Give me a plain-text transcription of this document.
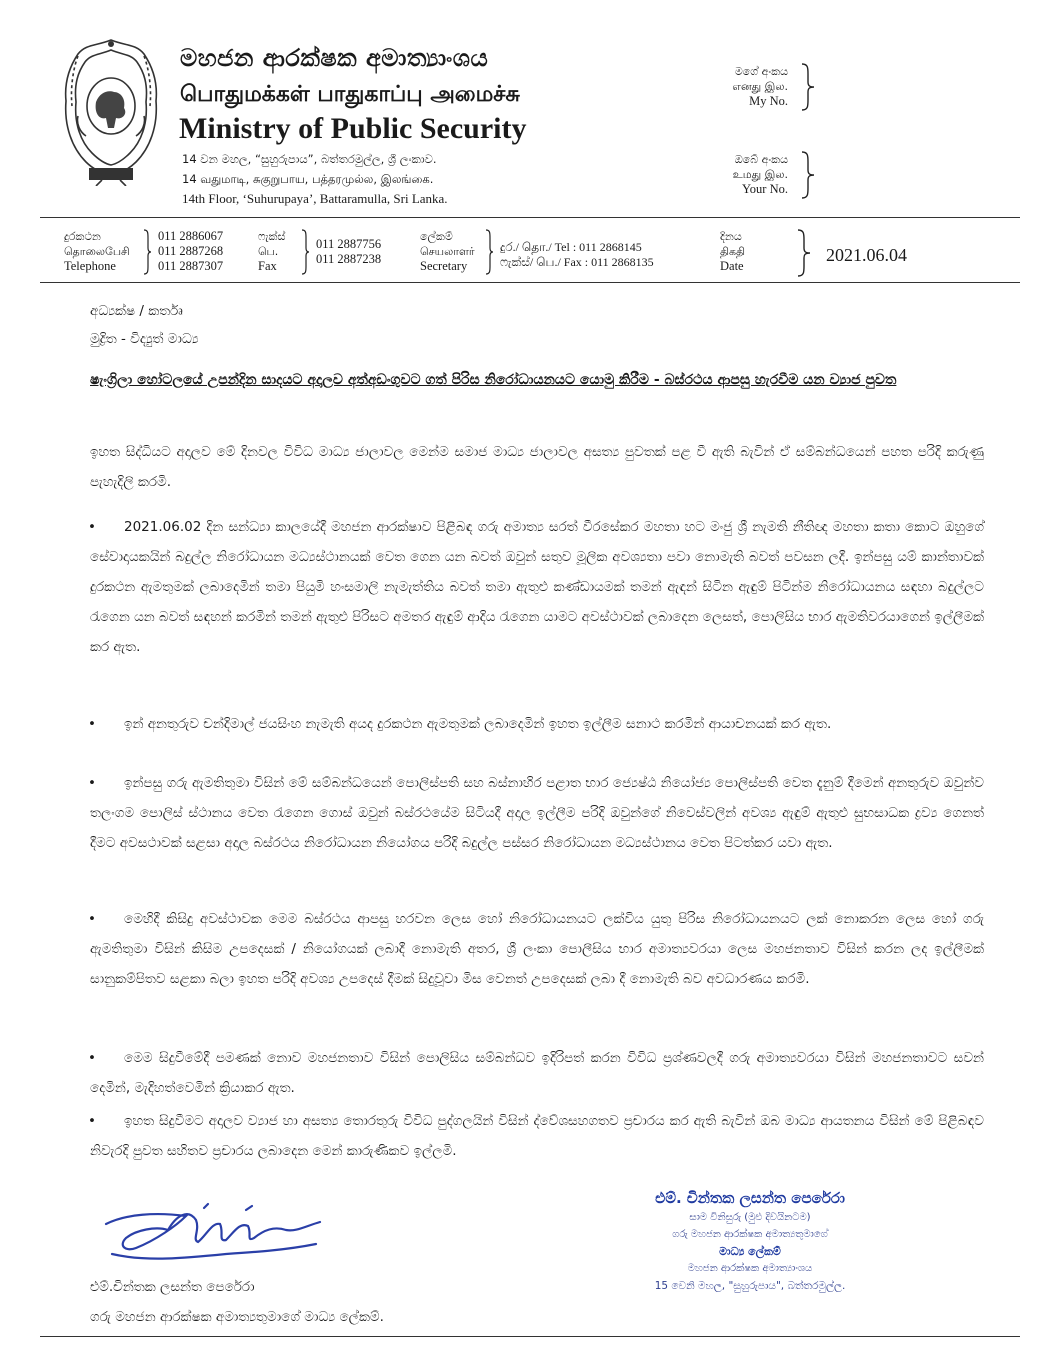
මහජන ආරක්ෂක අමාත්‍යාංශය
பொதுமக்கள் பாதுகாப்பு அமைச்சு
Ministry of Public Security
14 වන මහල, “සුහුරුපාය”, බත්තරමුල්ල, ශ්‍රී ලංකාව.
14 வதுமாடி, சுகுறுபாய, பத்தரமுல்ல, இலங்கை.
14th Floor, ‘Suhurupaya’, Battaramulla, Sri Lanka.
මගේ අංකය
எனது இல.
My No.
ඔබේ අංකය
உமது இல.
Your No.
දුරකථන
தொலைபேசி
Telephone
011 2886067
011 2887268
011 2887307
ෆැක්ස්
பெ.
Fax
011 2887756
011 2887238
ලේකම්
செயலாளர்
Secretary
දුර./ தொ./ Tel : 011 2868145
ෆැක්ස්/ பெ./ Fax : 011 2868135
දිනය
திகதி
Date
2021.06.04
අධ්‍යක්ෂ / කර්තෘ
මුද්‍රිත - විද්‍යුත් මාධ්‍ය
ෂැංග්‍රිලා හෝටලයේ උපන්දින සාදයට අදාලව අත්අඩංගුවට ගත් පිරිස නිරෝධායනයට යොමු කිරීම - බස්රථය ආපසු හැරවීම යන ව්‍යාජ පුවත
ඉහත සිද්ධියට අදාලව මේ දිනවල විවිධ මාධ්‍ය ජාලාවල මෙන්ම සමාජ මාධ්‍ය ජාලාවල අසත්‍ය පුවතක් පළ වී ඇති බැවින් ඒ සම්බන්ධයෙන් පහත පරිදි කරුණු පැහැදිලි කරමි.
•	2021.06.02 දින සන්ධ්‍යා කාලයේදී මහජන ආරක්ෂාව පිළිබඳ ගරු අමාත්‍ය සරත් වීරසේකර මහතා හට මංජු ශ්‍රී නැමති නීතිඥ මහතා කතා කොට ඔහුගේ සේවාදායකයින් බදුල්ල නිරෝධායන මධ්‍යස්ථානයක් වෙත ගෙන යන බවත් ඔවුන් සතුව මූලික අවශ්‍යතා පවා නොමැති බවත් පවසන ලදී. ඉන්පසු යම් කාන්තාවක් දුරකථන ඇමතුමක් ලබාදෙමින් තමා පියුමි හංසමාලි නැමැත්තිය බවත් තමා ඇතුළු කණ්ඩායමක් තමන් ඇඳන් සිටින ඇඳුම් පිටින්ම නිරෝධායනය සඳහා බදුල්ලට රැගෙන යන බවත් සඳහන් කරමින් තමන් ඇතුළු පිරිසට අමතර ඇඳුම් ආදිය රැගෙන යාමට අවස්ථාවක් ලබාදෙන ලෙසත්, පොලිසිය භාර ඇමතිවරයාගෙන් ඉල්ලීමක් කර ඇත.
•	ඉන් අනතුරුව චන්දිමාල් ජයසිංහ නැමැති අයද දුරකථන ඇමතුමක් ලබාදෙමින් ඉහත ඉල්ලීම සනාථ කරමින් ආයාචනයක් කර ඇත.
•	ඉන්පසු ගරු ඇමතිතුමා විසින් මේ සම්බන්ධයෙන් පොලිස්පති සහ බස්නාහිර පළාත භාර ජ්‍යෙෂ්ඨ නියෝජ්‍ය පොලිස්පති වෙත දැනුම් දීමෙන් අනතුරුව ඔවුන්ව තලංගම පොලිස් ස්ථානය වෙත රැගෙන ගොස් ඔවුන් බස්රථයේම සිටියදී අදාල ඉල්ලීම පරිදි ඔවුන්ගේ නිවෙස්වලින් අවශ්‍ය ඇඳුම් ඇතුළු සුභසාධක ද්‍රව්‍ය ගෙනත් දීමට අවසථාවක් සළසා අදාල බස්රථය නිරෝධායන නියෝගය පරිදි බදුල්ල පස්සර නිරෝධායන මධ්‍යස්ථානය වෙත පිටත්කර යවා ඇත.
•	මෙහිදී කිසිදු අවස්ථාවක මෙම බස්රථය ආපසු හරවන ලෙස හෝ නිරෝධායනයට ලක්විය යුතු පිරිස නිරෝධායනයට ලක් නොකරන ලෙස හෝ ගරු ඇමතිතුමා විසින් කිසිම උපදෙසක් / නියෝගයක් ලබාදී නොමැති අතර, ශ්‍රී ලංකා පොලීසිය භාර අමාත්‍යවරයා ලෙස මහජනතාව විසින් කරන ලද ඉල්ලීමක් සානුකම්පිතව සළකා බලා ඉහත පරිදි අවශ්‍ය උපදෙස් දීමක් සිදුවූවා මිස වෙනත් උපදෙසක් ලබා දී නොමැති බව අවධාරණය කරමි.
•	මෙම සිදුවීමේදී පමණක් නොව මහජනතාව විසින් පොලිසිය සම්බන්ධව ඉදිරිපත් කරන විවිධ ප්‍රශ්ණවලදී ගරු අමාත්‍යවරයා විසින් මහජනතාවට සවන් දෙමින්, මැදිහත්වෙමින් ක්‍රියාකර ඇත.
•	ඉහත සිදුවීමට අදාලව ව්‍යාජ හා අසත්‍ය තොරතුරු විවිධ පුද්ගලයින් විසින් ද්වේශසහගතව ප්‍රචාරය කර ඇති බැවින් ඔබ මාධ්‍ය ආයතනය විසින් මේ පිළිබඳව නිවැරදි පුවත සහිතව ප්‍රචාරය ලබාදෙන මෙන් කාරුණිකව ඉල්ලමි.
එම්. චින්තක ලසන්ත පෙරේරා
සාම විනිසුරු (මුළු දිවයිනටම)
ගරු මහජන ආරක්ෂක අමාත්‍යතුමාගේ
මාධ්‍ය ලේකම්
මහජන ආරක්ෂක අමාත්‍යාංශය
15 වෙනි මහල, "සුහුරුපාය", බත්තරමුල්ල.
එම්.චින්තක ලසන්ත පෙරේරා
ගරු මහජන ආරක්ෂක අමාත්‍යතුමාගේ මාධ්‍ය ලේකම්.
